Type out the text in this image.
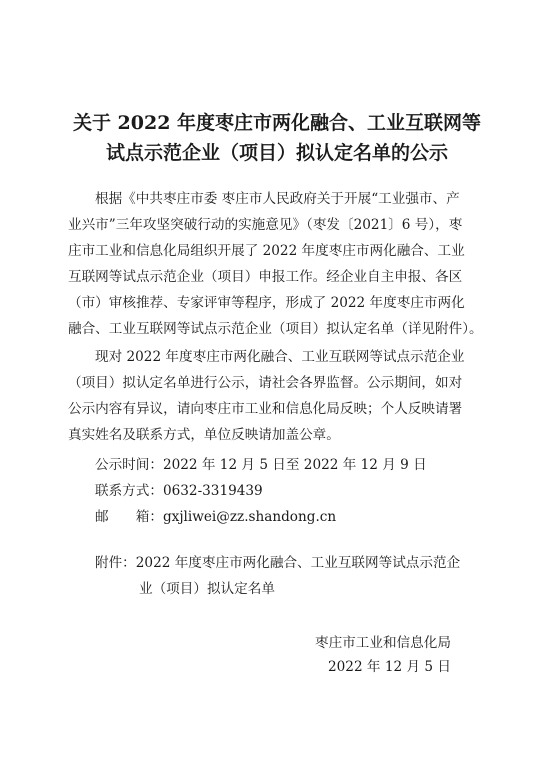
关于 2022 年度枣庄市两化融合、工业互联网等
试点示范企业（项目）拟认定名单的公示
根据《中共枣庄市委 枣庄市人民政府关于开展“工业强市、产
业兴市”三年攻坚突破行动的实施意见》（枣发〔2021〕6 号），枣
庄市工业和信息化局组织开展了 2022 年度枣庄市两化融合、工业
互联网等试点示范企业（项目）申报工作。经企业自主申报、各区
（市）审核推荐、专家评审等程序，形成了 2022 年度枣庄市两化
融合、工业互联网等试点示范企业（项目）拟认定名单（详见附件）。
现对 2022 年度枣庄市两化融合、工业互联网等试点示范企业
（项目）拟认定名单进行公示，请社会各界监督。公示期间，如对
公示内容有异议，请向枣庄市工业和信息化局反映；个人反映请署
真实姓名及联系方式，单位反映请加盖公章。
公示时间：2022 年 12 月 5 日至 2022 年 12 月 9 日
联系方式：0632-3319439
邮　　箱：gxjliwei@zz.shandong.cn
附件：2022 年度枣庄市两化融合、工业互联网等试点示范企
业（项目）拟认定名单
枣庄市工业和信息化局
2022 年 12 月 5 日
